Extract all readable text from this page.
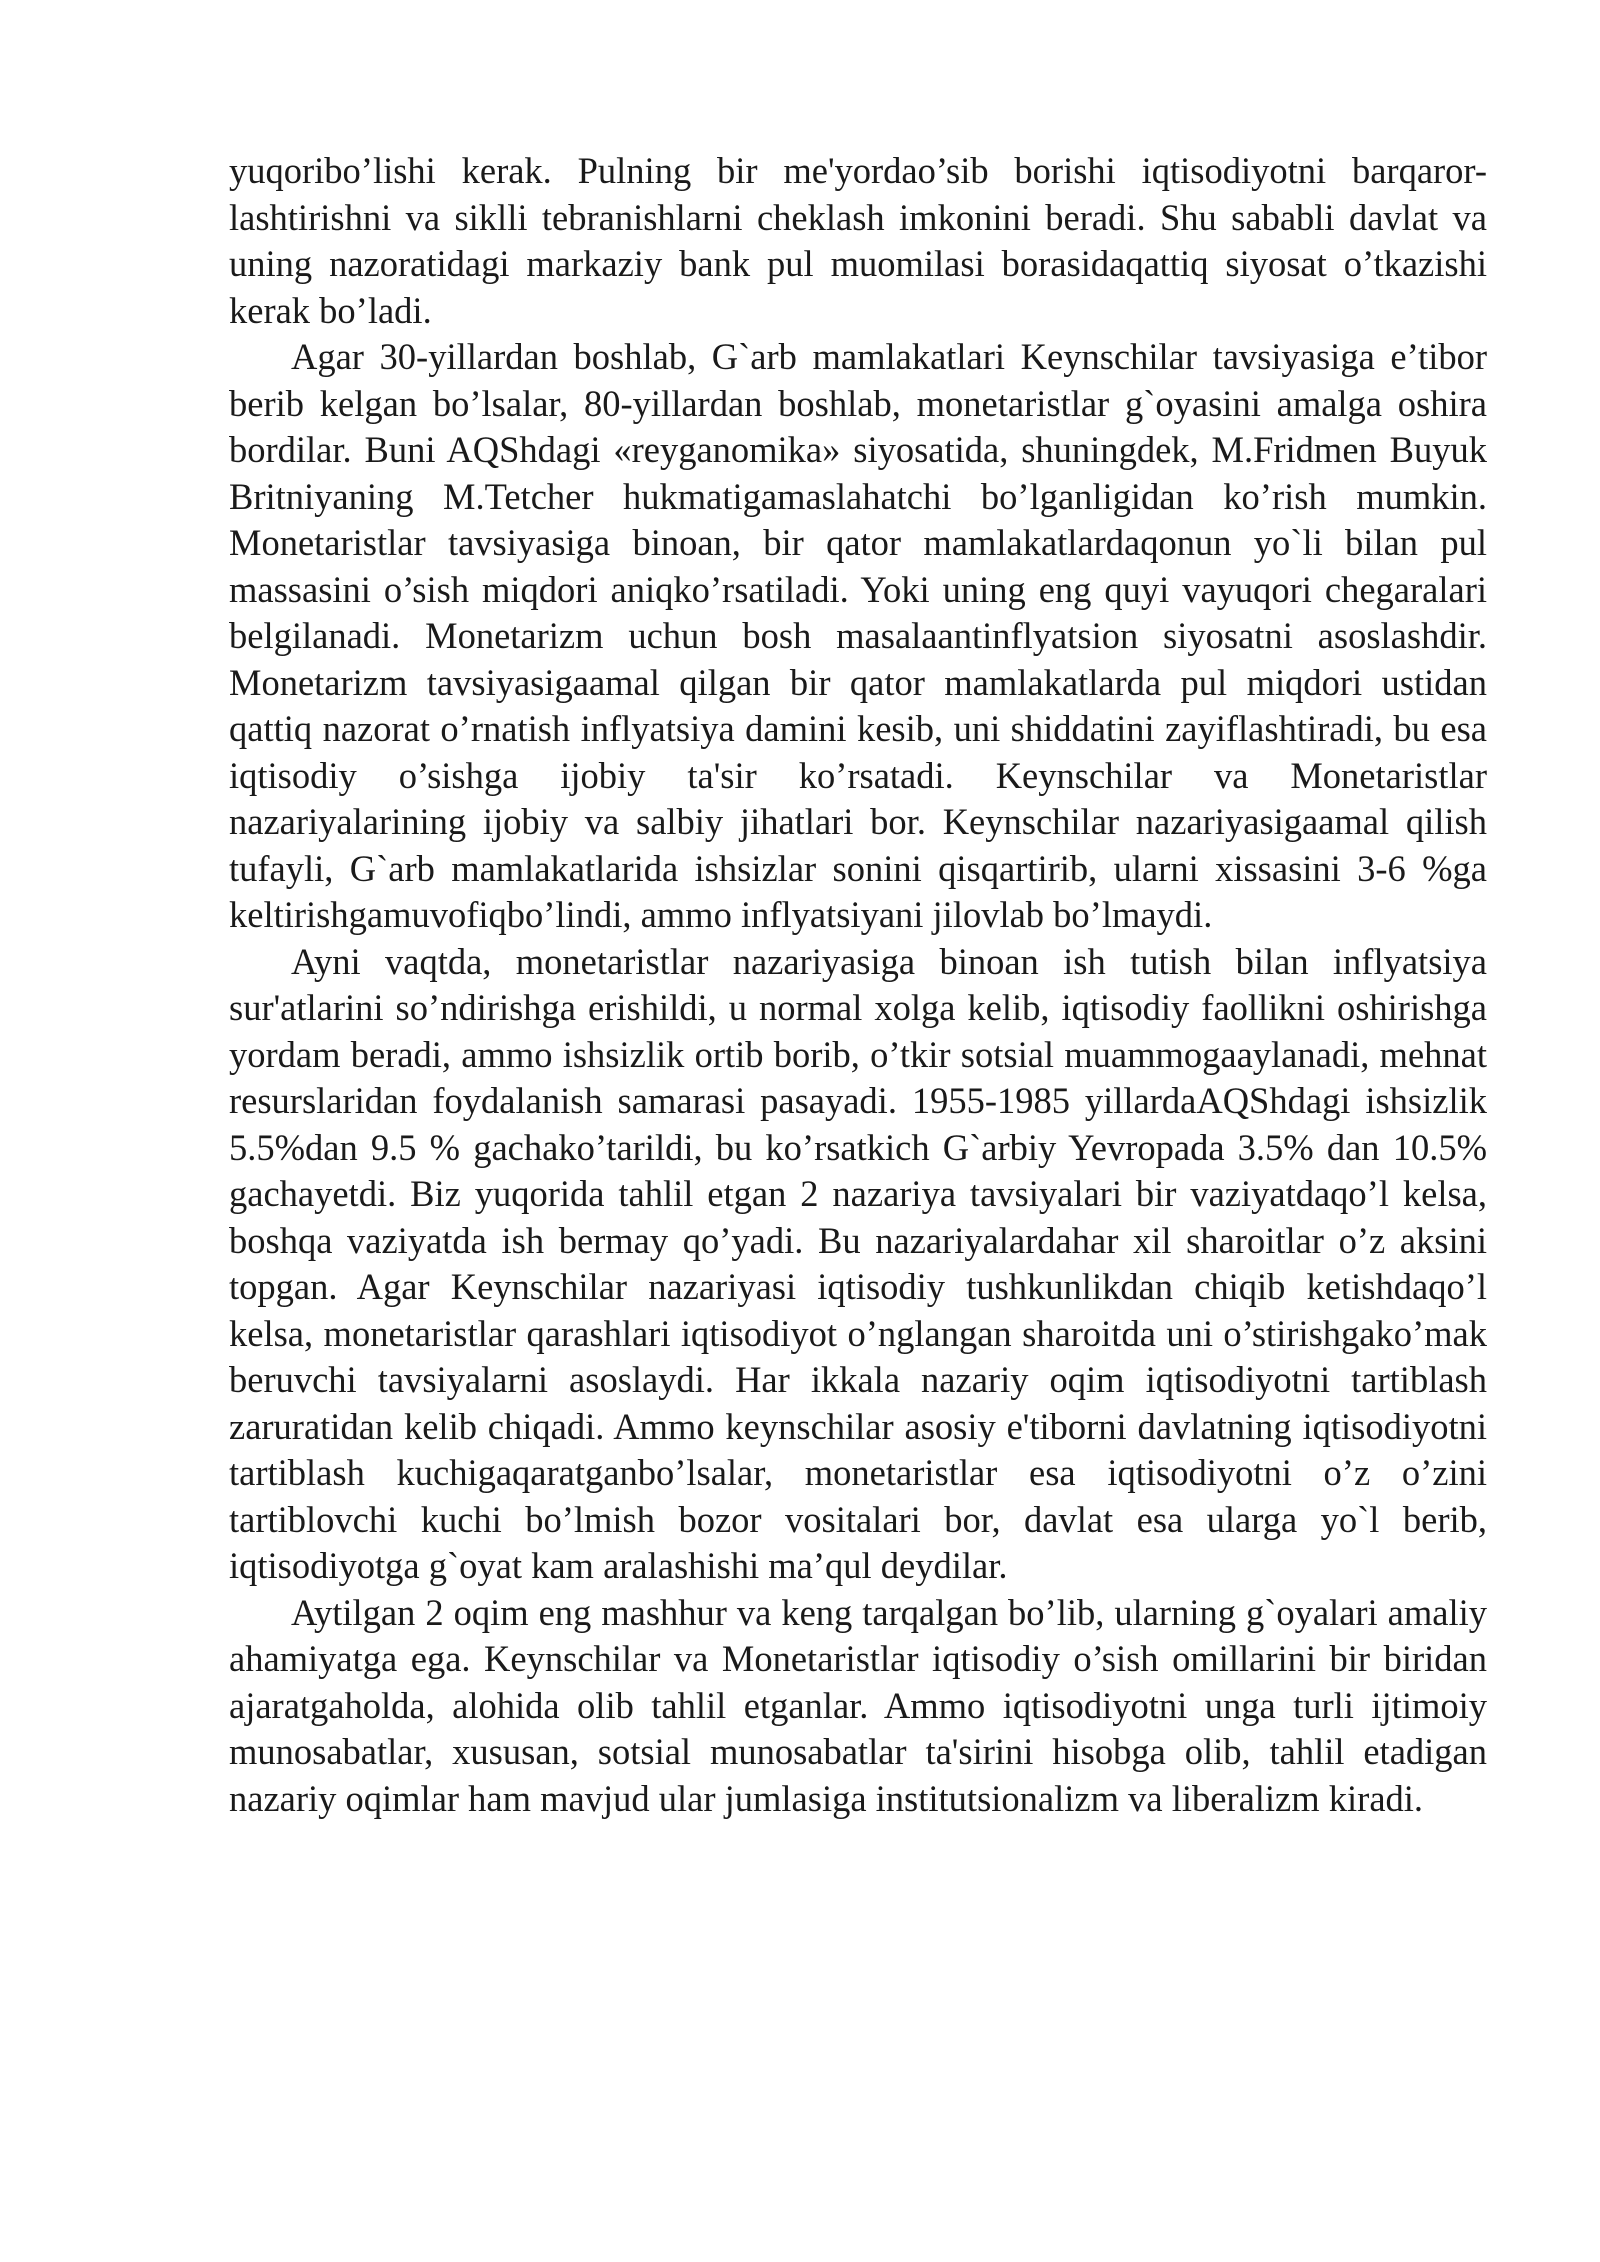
yuqoribo’lishi kerak. Pulning bir me'yordao’sib borishi iqtisodiyotni barqaror-lashtirishni va siklli tebranishlarni cheklash imkonini beradi. Shu sababli davlat va uning nazoratidagi markaziy bank pul muomilasi borasidaqattiq siyosat o’tkazishi kerak bo’ladi.

Agar 30-yillardan boshlab, G`arb mamlakatlari Keynschilar tavsiyasiga e’tibor berib kelgan bo’lsalar, 80-yillardan boshlab, monetaristlar g`oyasini amalga oshira bordilar. Buni AQShdagi «reyganomika» siyosatida, shuningdek, M.Fridmen Buyuk Britniyaning M.Tetcher hukmatigamaslahatchi bo’lganligidan ko’rish mumkin. Monetaristlar tavsiyasiga binoan, bir qator mamlakatlardaqonun yo`li bilan pul massasini o’sish miqdori aniqko’rsatiladi. Yoki uning eng quyi vayuqori chegaralari belgilanadi. Monetarizm uchun bosh masalaantinflyatsion siyosatni asoslashdir. Monetarizm tavsiyasigaamal qilgan bir qator mamlakatlarda pul miqdori ustidan qattiq nazorat o’rnatish inflyatsiya damini kesib, uni shiddatini zayiflashtiradi, bu esa iqtisodiy o’sishga ijobiy ta'sir ko’rsatadi. Keynschilar va Monetaristlar nazariyalarining ijobiy va salbiy jihatlari bor. Keynschilar nazariyasigaamal qilish tufayli, G`arb mamlakatlarida ishsizlar sonini qisqartirib, ularni xissasini 3-6 %ga keltirishgamuvofiqbo’lindi, ammo inflyatsiyani jilovlab bo’lmaydi.

Ayni vaqtda, monetaristlar nazariyasiga binoan ish tutish bilan inflyatsiya sur'atlarini so’ndirishga erishildi, u normal xolga kelib, iqtisodiy faollikni oshirishga yordam beradi, ammo ishsizlik ortib borib, o’tkir sotsial muammogaaylanadi, mehnat resurslaridan foydalanish samarasi pasayadi. 1955-1985 yillardaAQShdagi ishsizlik 5.5%dan 9.5 % gachako’tarildi, bu ko’rsatkich G`arbiy Yevropada 3.5% dan 10.5% gachayetdi. Biz yuqorida tahlil etgan 2 nazariya tavsiyalari bir vaziyatdaqo’l kelsa, boshqa vaziyatda ish bermay qo’yadi. Bu nazariyalardahar xil sharoitlar o’z aksini topgan. Agar Keynschilar nazariyasi iqtisodiy tushkunlikdan chiqib ketishdaqo’l kelsa, monetaristlar qarashlari iqtisodiyot o’nglangan sharoitda uni o’stirishgako’mak beruvchi tavsiyalarni asoslaydi. Har ikkala nazariy oqim iqtisodiyotni tartiblash zaruratidan kelib chiqadi. Ammo keynschilar asosiy e'tiborni davlatning iqtisodiyotni tartiblash kuchigaqaratganbo’lsalar, monetaristlar esa iqtisodiyotni o’z o’zini tartiblovchi kuchi bo’lmish bozor vositalari bor, davlat esa ularga yo`l berib, iqtisodiyotga g`oyat kam aralashishi ma’qul deydilar.

Aytilgan 2 oqim eng mashhur va keng tarqalgan bo’lib, ularning g`oyalari amaliy ahamiyatga ega. Keynschilar va Monetaristlar iqtisodiy o’sish omillarini bir biridan ajaratgaholda, alohida olib tahlil etganlar. Ammo iqtisodiyotni unga turli ijtimoiy munosabatlar, xususan, sotsial munosabatlar ta'sirini hisobga olib, tahlil etadigan nazariy oqimlar ham mavjud ular jumlasiga institutsionalizm va liberalizm kiradi.
